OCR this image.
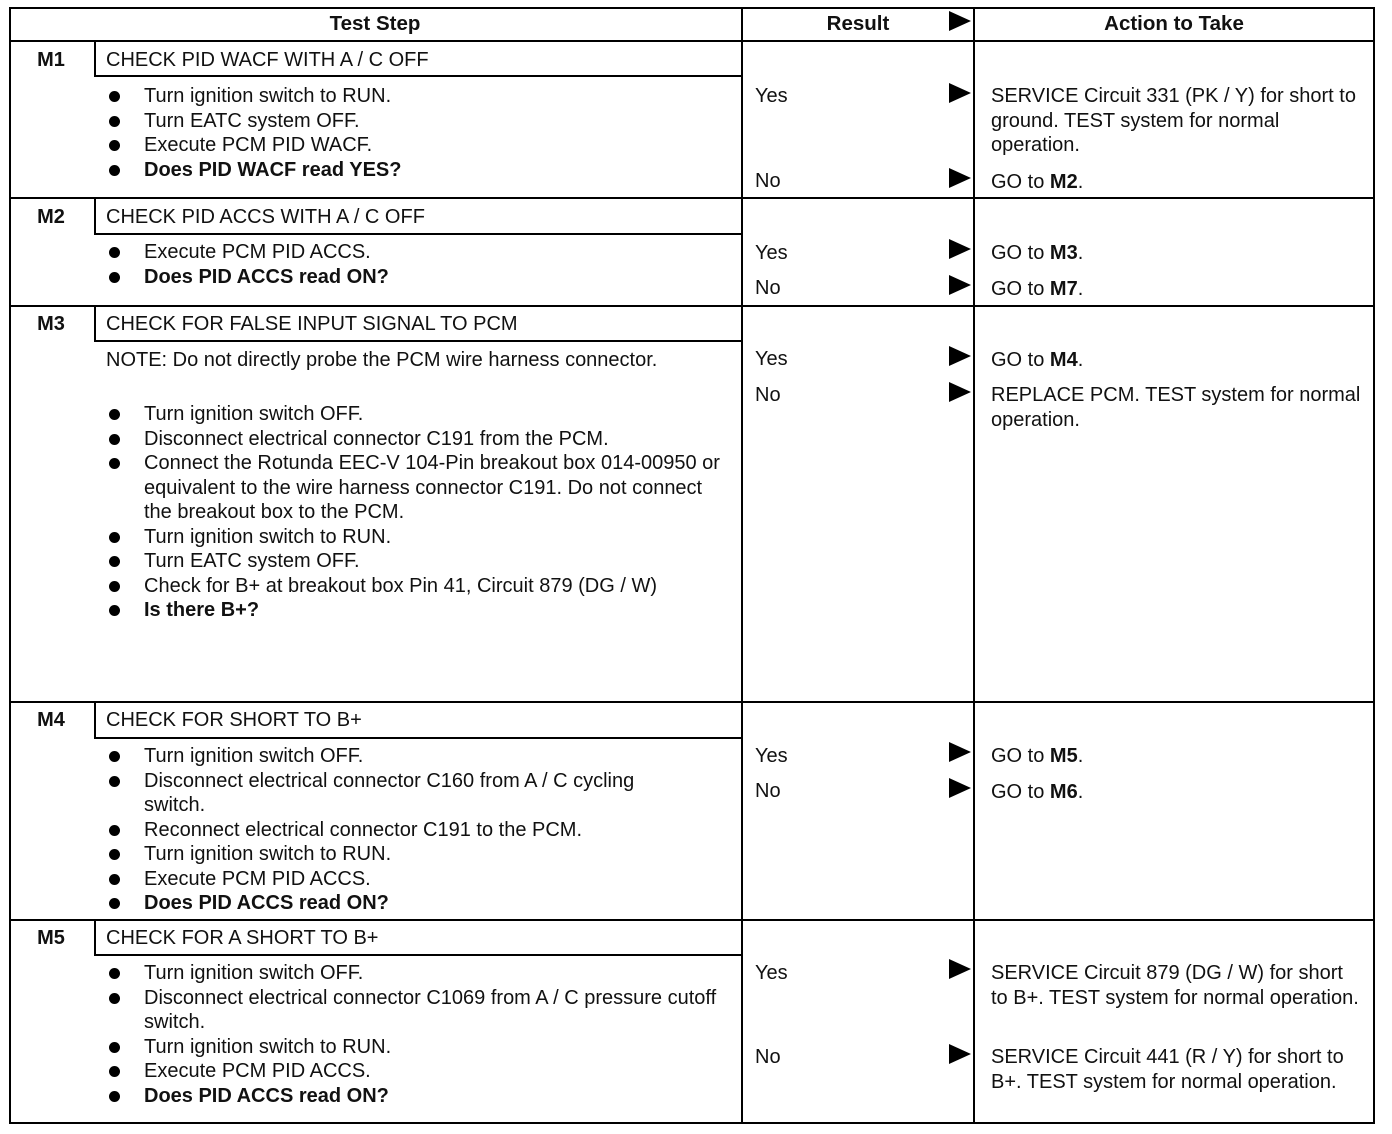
Test Step	Result	Action to Take
M1	CHECK PID WACF WITH A / C OFF
Turn ignition switch to RUN.
Turn EATC system OFF.
Execute PCM PID WACF.
Does PID WACF read YES?
Yes	SERVICE Circuit 331 (PK / Y) for short to ground. TEST system for normal operation.
No	GO to M2.
M2	CHECK PID ACCS WITH A / C OFF
Execute PCM PID ACCS.
Does PID ACCS read ON?
Yes	GO to M3.
No	GO to M7.
M3	CHECK FOR FALSE INPUT SIGNAL TO PCM
NOTE: Do not directly probe the PCM wire harness connector.
Turn ignition switch OFF.
Disconnect electrical connector C191 from the PCM.
Connect the Rotunda EEC-V 104-Pin breakout box 014-00950 or equivalent to the wire harness connector C191. Do not connect the breakout box to the PCM.
Turn ignition switch to RUN.
Turn EATC system OFF.
Check for B+ at breakout box Pin 41, Circuit 879 (DG / W)
Is there B+?
Yes	GO to M4.
No	REPLACE PCM. TEST system for normal operation.
M4	CHECK FOR SHORT TO B+
Turn ignition switch OFF.
Disconnect electrical connector C160 from A / C cycling switch.
Reconnect electrical connector C191 to the PCM.
Turn ignition switch to RUN.
Execute PCM PID ACCS.
Does PID ACCS read ON?
Yes	GO to M5.
No	GO to M6.
M5	CHECK FOR A SHORT TO B+
Turn ignition switch OFF.
Disconnect electrical connector C1069 from A / C pressure cutoff switch.
Turn ignition switch to RUN.
Execute PCM PID ACCS.
Does PID ACCS read ON?
Yes	SERVICE Circuit 879 (DG / W) for short to B+. TEST system for normal operation.
No	SERVICE Circuit 441 (R / Y) for short to B+. TEST system for normal operation.
